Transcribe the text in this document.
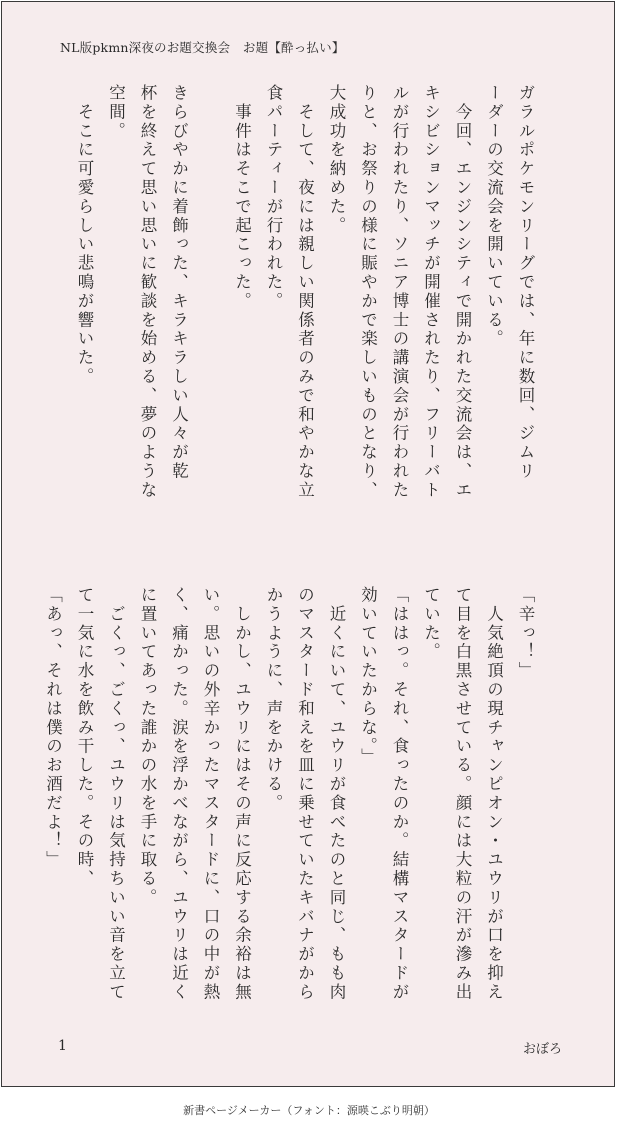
NL版pkmn深夜のお題交換会　お題【酔っ払い】

ガラルポケモンリーグでは、年に数回、ジムリ

ーダーの交流会を開いている。

　今回、エンジンシティで開かれた交流会は、エ

キシビションマッチが開催されたり、フリーバト

ルが行われたり、ソニア博士の講演会が行われた

りと、お祭りの様に賑やかで楽しいものとなり、

大成功を納めた。

　そして、夜には親しい関係者のみで和やかな立

食パーティーが行われた。

　事件はそこで起こった。

きらびやかに着飾った、キラキラしい人々が乾

杯を終えて思い思いに歓談を始める、夢のような

空間。

　そこに可愛らしい悲鳴が響いた。

「辛っ！」

　人気絶頂の現チャンピオン・ユウリが口を抑え

て目を白黒させている。顔には大粒の汗が滲み出

ていた。

「ははっ。それ、食ったのか。結構マスタードが

効いていたからな。」

　近くにいて、ユウリが食べたのと同じ、もも肉

のマスタード和えを皿に乗せていたキバナがから

かうように、声をかける。

　しかし、ユウリにはその声に反応する余裕は無

い。思いの外辛かったマスタードに、口の中が熱

く、痛かった。涙を浮かべながら、ユウリは近く

に置いてあった誰かの水を手に取る。

　ごくっ、ごくっ、ユウリは気持ちいい音を立て

て一気に水を飲み干した。その時、

「あっ、それは僕のお酒だよ！」

1	おぼろ
新書ページメーカー（フォント：源暎こぶり明朝）
